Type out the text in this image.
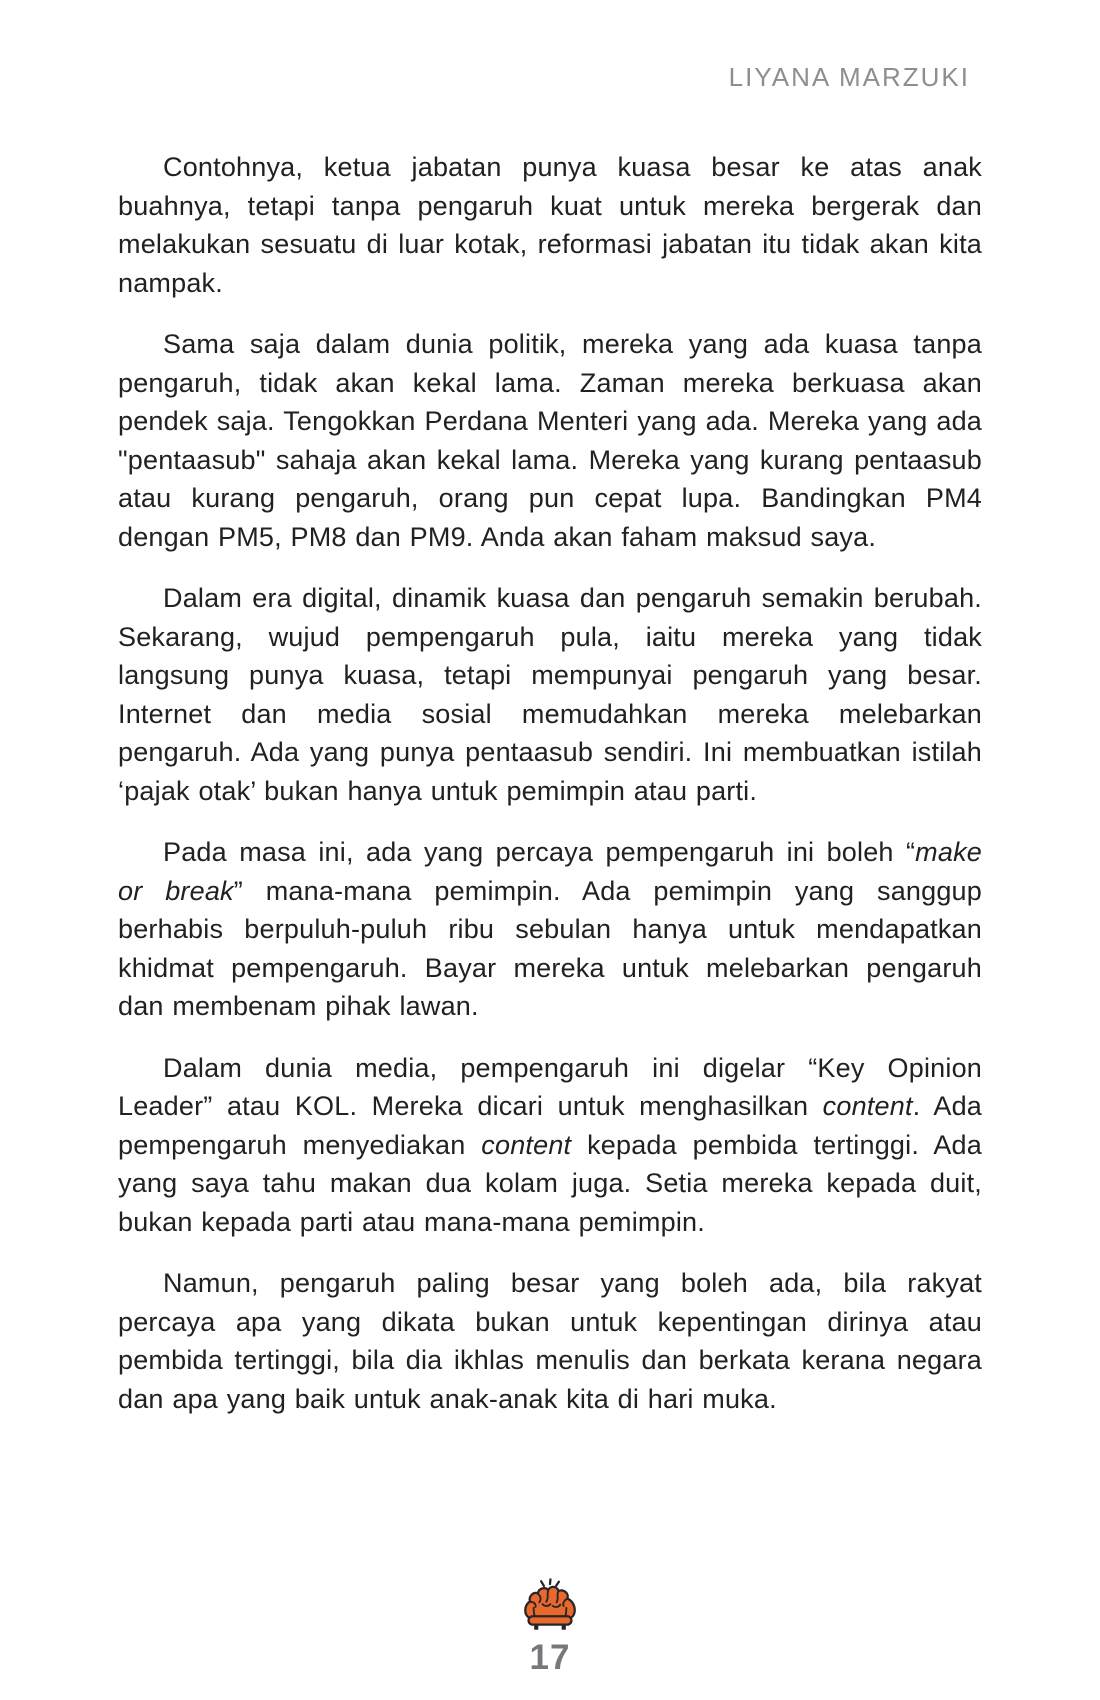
LIYANA MARZUKI

Contohnya, ketua jabatan punya kuasa besar ke atas anak buahnya, tetapi tanpa pengaruh kuat untuk mereka bergerak dan melakukan sesuatu di luar kotak, reformasi jabatan itu tidak akan kita nampak.

Sama saja dalam dunia politik, mereka yang ada kuasa tanpa pengaruh, tidak akan kekal lama. Zaman mereka berkuasa akan pendek saja. Tengokkan Perdana Menteri yang ada. Mereka yang ada "pentaasub" sahaja akan kekal lama. Mereka yang kurang pentaasub atau kurang pengaruh, orang pun cepat lupa. Bandingkan PM4 dengan PM5, PM8 dan PM9. Anda akan faham maksud saya.

Dalam era digital, dinamik kuasa dan pengaruh semakin berubah. Sekarang, wujud pempengaruh pula, iaitu mereka yang tidak langsung punya kuasa, tetapi mempunyai pengaruh yang besar. Internet dan media sosial memudahkan mereka melebarkan pengaruh. Ada yang punya pentaasub sendiri. Ini membuatkan istilah ‘pajak otak’ bukan hanya untuk pemimpin atau parti.

Pada masa ini, ada yang percaya pempengaruh ini boleh “make or break” mana-mana pemimpin. Ada pemimpin yang sanggup berhabis berpuluh-puluh ribu sebulan hanya untuk mendapatkan khidmat pempengaruh. Bayar mereka untuk melebarkan pengaruh dan membenam pihak lawan.

Dalam dunia media, pempengaruh ini digelar “Key Opinion Leader” atau KOL. Mereka dicari untuk menghasilkan content. Ada pempengaruh menyediakan content kepada pembida tertinggi. Ada yang saya tahu makan dua kolam juga. Setia mereka kepada duit, bukan kepada parti atau mana-mana pemimpin.

Namun, pengaruh paling besar yang boleh ada, bila rakyat percaya apa yang dikata bukan untuk kepentingan dirinya atau pembida tertinggi, bila dia ikhlas menulis dan berkata kerana negara dan apa yang baik untuk anak-anak kita di hari muka.

17
